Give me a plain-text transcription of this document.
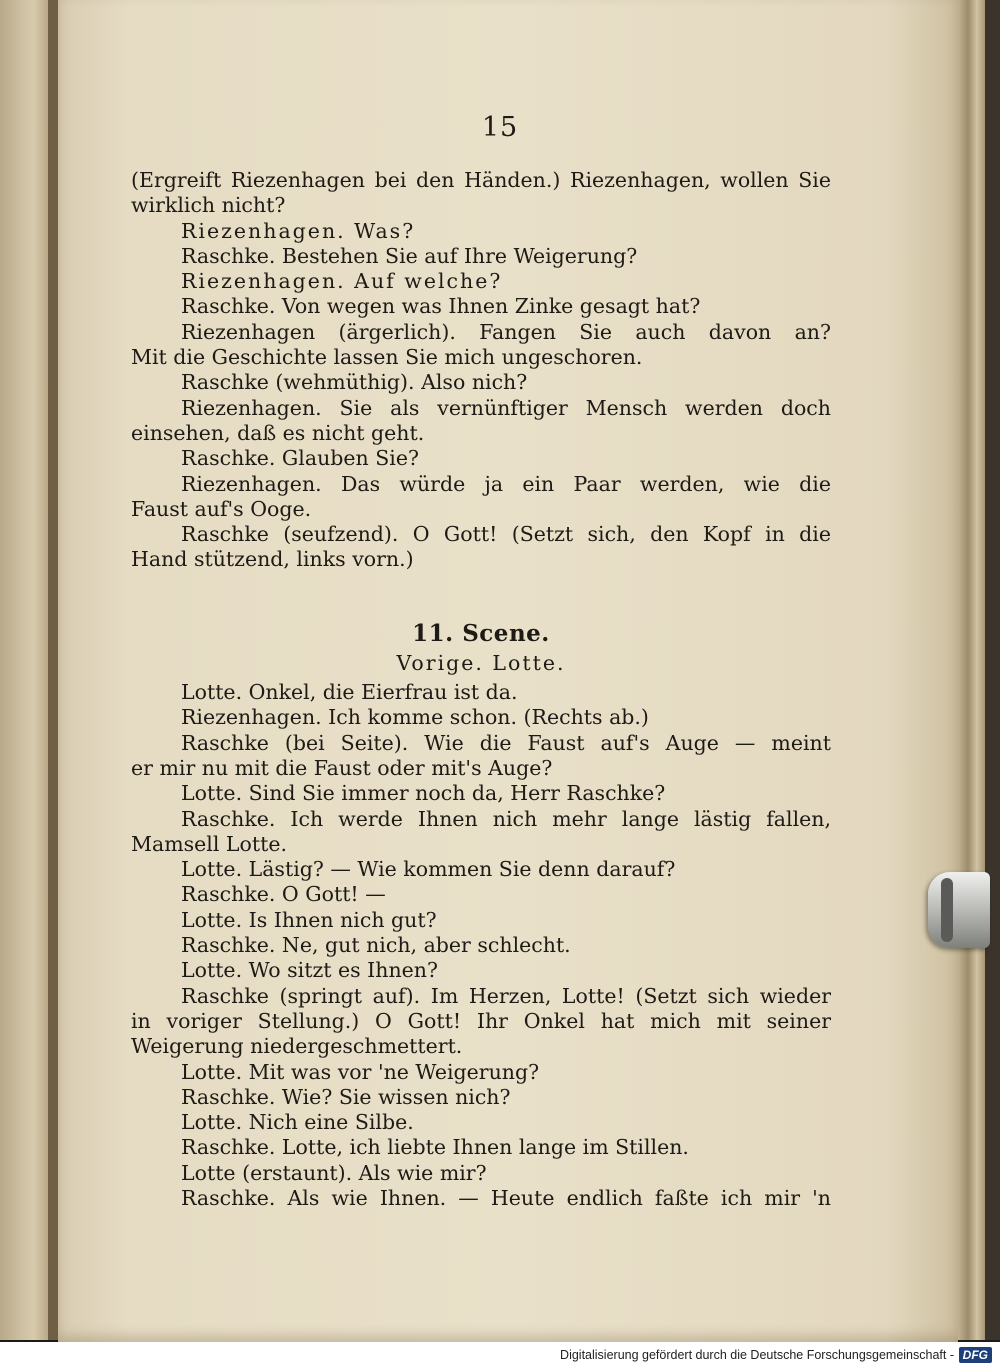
15
(Ergreift Riezenhagen bei den Händen.) Riezenhagen, wollen Sie
wirklich nicht?
Riezenhagen. Was?
Raschke. Bestehen Sie auf Ihre Weigerung?
Riezenhagen. Auf welche?
Raschke. Von wegen was Ihnen Zinke gesagt hat?
Riezenhagen (ärgerlich). Fangen Sie auch davon an?
Mit die Geschichte lassen Sie mich ungeschoren.
Raschke (wehmüthig). Also nich?
Riezenhagen. Sie als vernünftiger Mensch werden doch
einsehen, daß es nicht geht.
Raschke. Glauben Sie?
Riezenhagen. Das würde ja ein Paar werden, wie die
Faust auf's Ooge.
Raschke (seufzend). O Gott! (Setzt sich, den Kopf in die
Hand stützend, links vorn.)
11. Scene.
Vorige. Lotte.
Lotte. Onkel, die Eierfrau ist da.
Riezenhagen. Ich komme schon. (Rechts ab.)
Raschke (bei Seite). Wie die Faust auf's Auge — meint
er mir nu mit die Faust oder mit's Auge?
Lotte. Sind Sie immer noch da, Herr Raschke?
Raschke. Ich werde Ihnen nich mehr lange lästig fallen,
Mamsell Lotte.
Lotte. Lästig? — Wie kommen Sie denn darauf?
Raschke. O Gott! —
Lotte. Is Ihnen nich gut?
Raschke. Ne, gut nich, aber schlecht.
Lotte. Wo sitzt es Ihnen?
Raschke (springt auf). Im Herzen, Lotte! (Setzt sich wieder
in voriger Stellung.) O Gott! Ihr Onkel hat mich mit seiner
Weigerung niedergeschmettert.
Lotte. Mit was vor 'ne Weigerung?
Raschke. Wie? Sie wissen nich?
Lotte. Nich eine Silbe.
Raschke. Lotte, ich liebte Ihnen lange im Stillen.
Lotte (erstaunt). Als wie mir?
Raschke. Als wie Ihnen. — Heute endlich faßte ich mir 'n
Digitalisierung gefördert durch die Deutsche Forschungsgemeinschaft - DFG
